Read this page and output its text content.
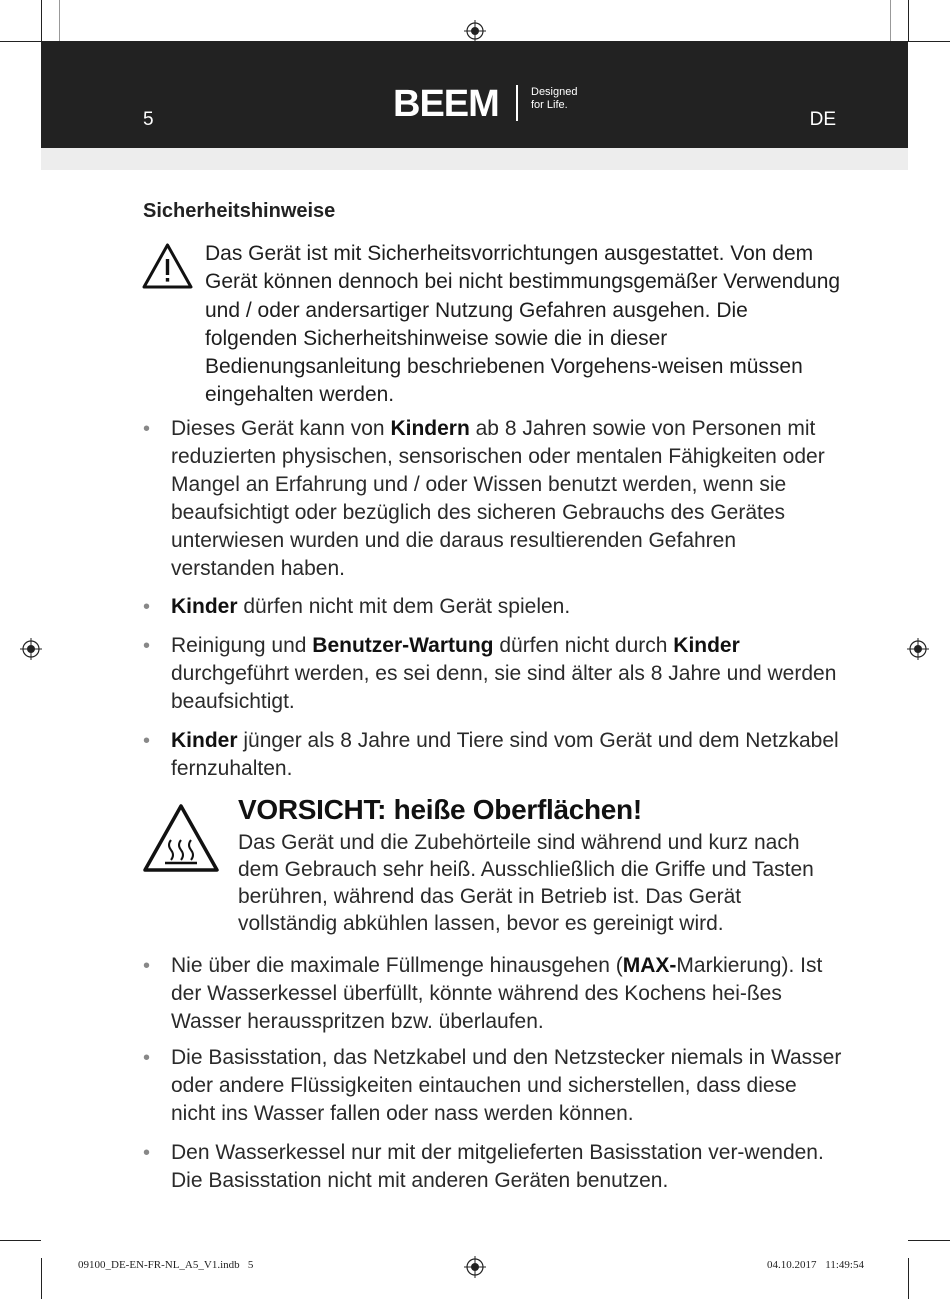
5	BEEM	Designed
for Life.
DE
Sicherheitshinweise

Das Gerät ist mit Sicherheitsvorrichtungen ausgestattet. Von dem Gerät können dennoch bei nicht bestimmungsgemäßer Verwendung und / oder andersartiger Nutzung Gefahren ausgehen. Die folgenden Sicherheitshinweise sowie die in dieser Bedienungsanleitung beschriebenen Vorgehens-weisen müssen eingehalten werden.

• Dieses Gerät kann von Kindern ab 8 Jahren sowie von Personen mit reduzierten physischen, sensorischen oder mentalen Fähigkeiten oder Mangel an Erfahrung und / oder Wissen benutzt werden, wenn sie beaufsichtigt oder bezüglich des sicheren Gebrauchs des Gerätes unterwiesen wurden und die daraus resultierenden Gefahren verstanden haben.
• Kinder dürfen nicht mit dem Gerät spielen.
• Reinigung und Benutzer-Wartung dürfen nicht durch Kinder durchgeführt werden, es sei denn, sie sind älter als 8 Jahre und werden beaufsichtigt.
• Kinder jünger als 8 Jahre und Tiere sind vom Gerät und dem Netzkabel fernzuhalten.
VORSICHT: heiße Oberflächen!

Das Gerät und die Zubehörteile sind während und kurz nach dem Gebrauch sehr heiß. Ausschließlich die Griffe und Tasten berühren, während das Gerät in Betrieb ist. Das Gerät vollständig abkühlen lassen, bevor es gereinigt wird.

• Nie über die maximale Füllmenge hinausgehen (MAX-Markierung). Ist der Wasserkessel überfüllt, könnte während des Kochens hei-ßes Wasser herausspritzen bzw. überlaufen.
• Die Basisstation, das Netzkabel und den Netzstecker niemals in Wasser oder andere Flüssigkeiten eintauchen und sicherstellen, dass diese nicht ins Wasser fallen oder nass werden können.
• Den Wasserkessel nur mit der mitgelieferten Basisstation ver-wenden. Die Basisstation nicht mit anderen Geräten benutzen.
09100_DE-EN-FR-NL_A5_V1.indb   5	04.10.2017 11:49:54
